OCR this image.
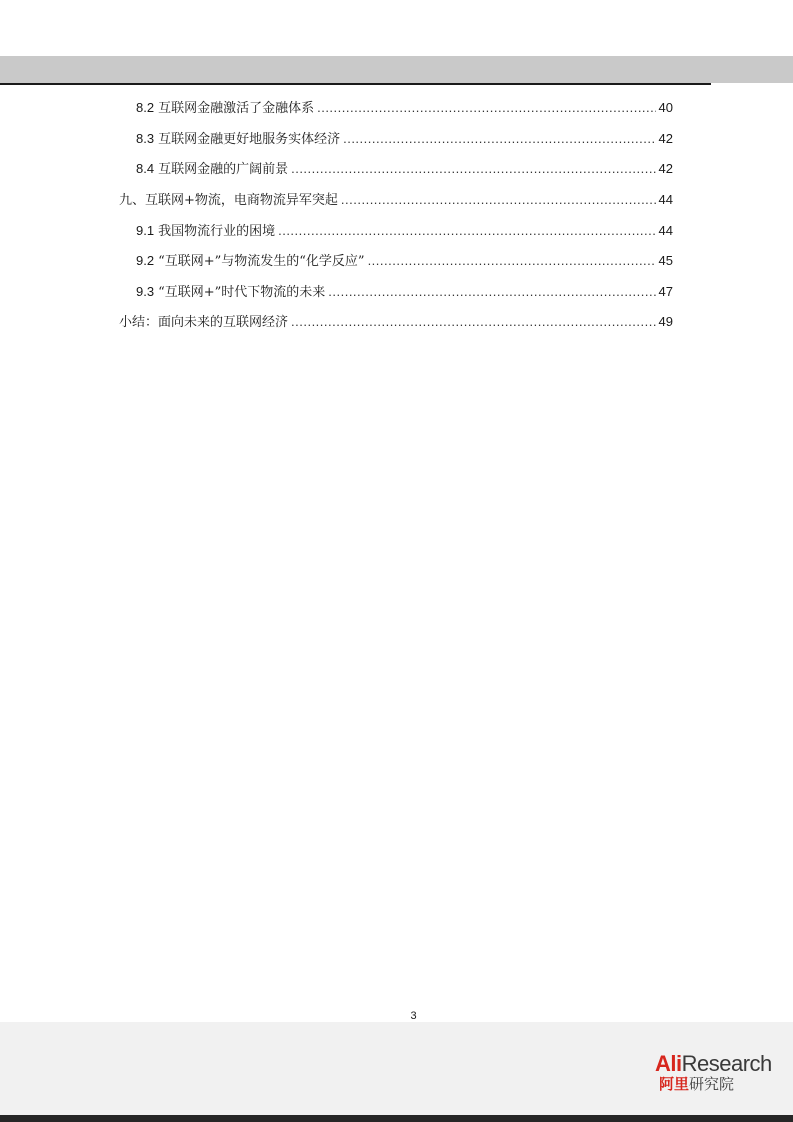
8.2 互联网金融激活了金融体系 .....	40
8.3 互联网金融更好地服务实体经济 .....	42
8.4 互联网金融的广阔前景 .....	42
九、互联网+物流，电商物流异军突起 .....	44
9.1 我国物流行业的困境 .....	44
9.2 “互联网+”与物流发生的“化学反应” .....	45
9.3 “互联网+”时代下物流的未来 .....	47
小结：面向未来的互联网经济 .....	49
3
AliResearch
阿里研究院
